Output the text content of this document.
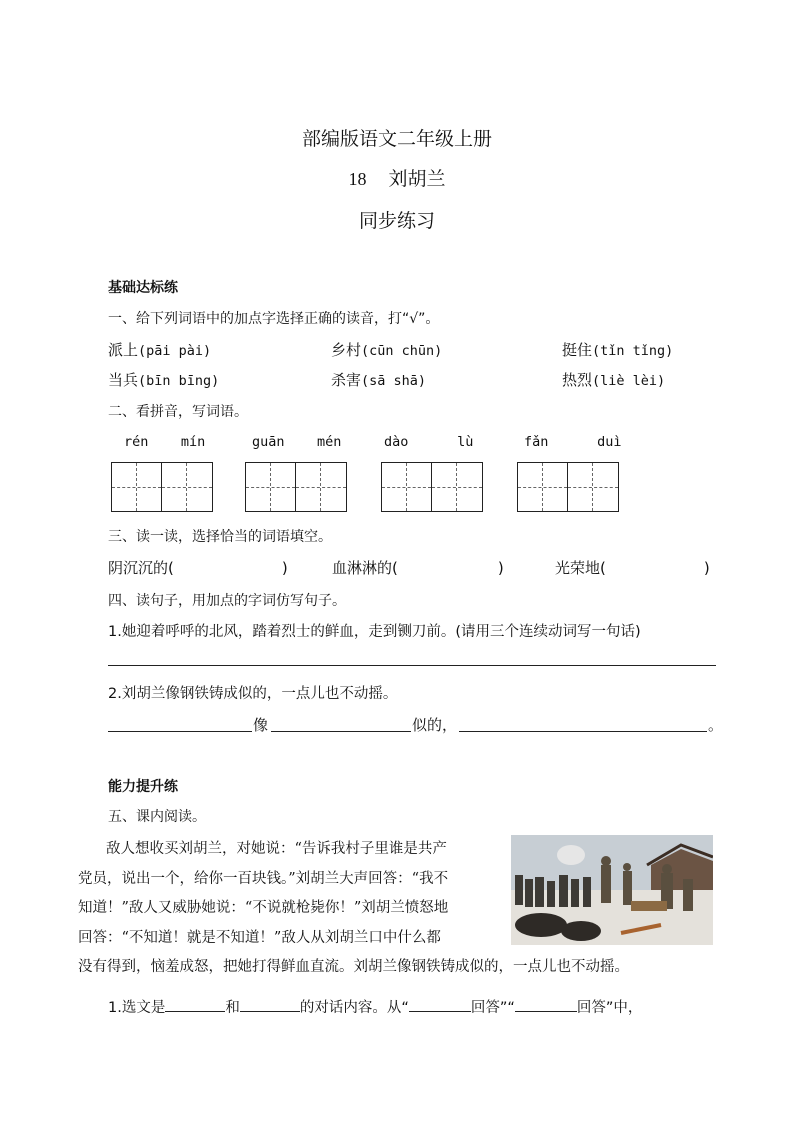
部编版语文二年级上册
18 刘胡兰
同步练习
基础达标练
一、给下列词语中的加点字选择正确的读音，打“√”。
派上(pāi pài)	乡村(cūn chūn)	挺住(tǐn tǐng)
当兵(bīn bīng)	杀害(sā shā)	热烈(liè lèi)
二、看拼音，写词语。
rén    mín	guān    mén	dào      lù	fǎn      duì
三、读一读，选择恰当的词语填空。
阴沉沉的(	)	血淋淋的(	)	光荣地(	)
四、读句子，用加点的字词仿写句子。
1.她迎着呼呼的北风，踏着烈士的鲜血，走到铡刀前。(请用三个连续动词写一句话)
2.刘胡兰像钢铁铸成似的，一点儿也不动摇。
像	似的，	。
能力提升练
五、课内阅读。

敌人想收买刘胡兰，对她说：“告诉我村子里谁是共产

党员，说出一个，给你一百块钱。”刘胡兰大声回答：“我不

知道！”敌人又威胁她说：“不说就枪毙你！”刘胡兰愤怒地

回答：“不知道！就是不知道！”敌人从刘胡兰口中什么都

没有得到，恼羞成怒，把她打得鲜血直流。刘胡兰像钢铁铸成似的，一点儿也不动摇。

1.选文是	和	的对话内容。从“	回答”“	回答”中，
